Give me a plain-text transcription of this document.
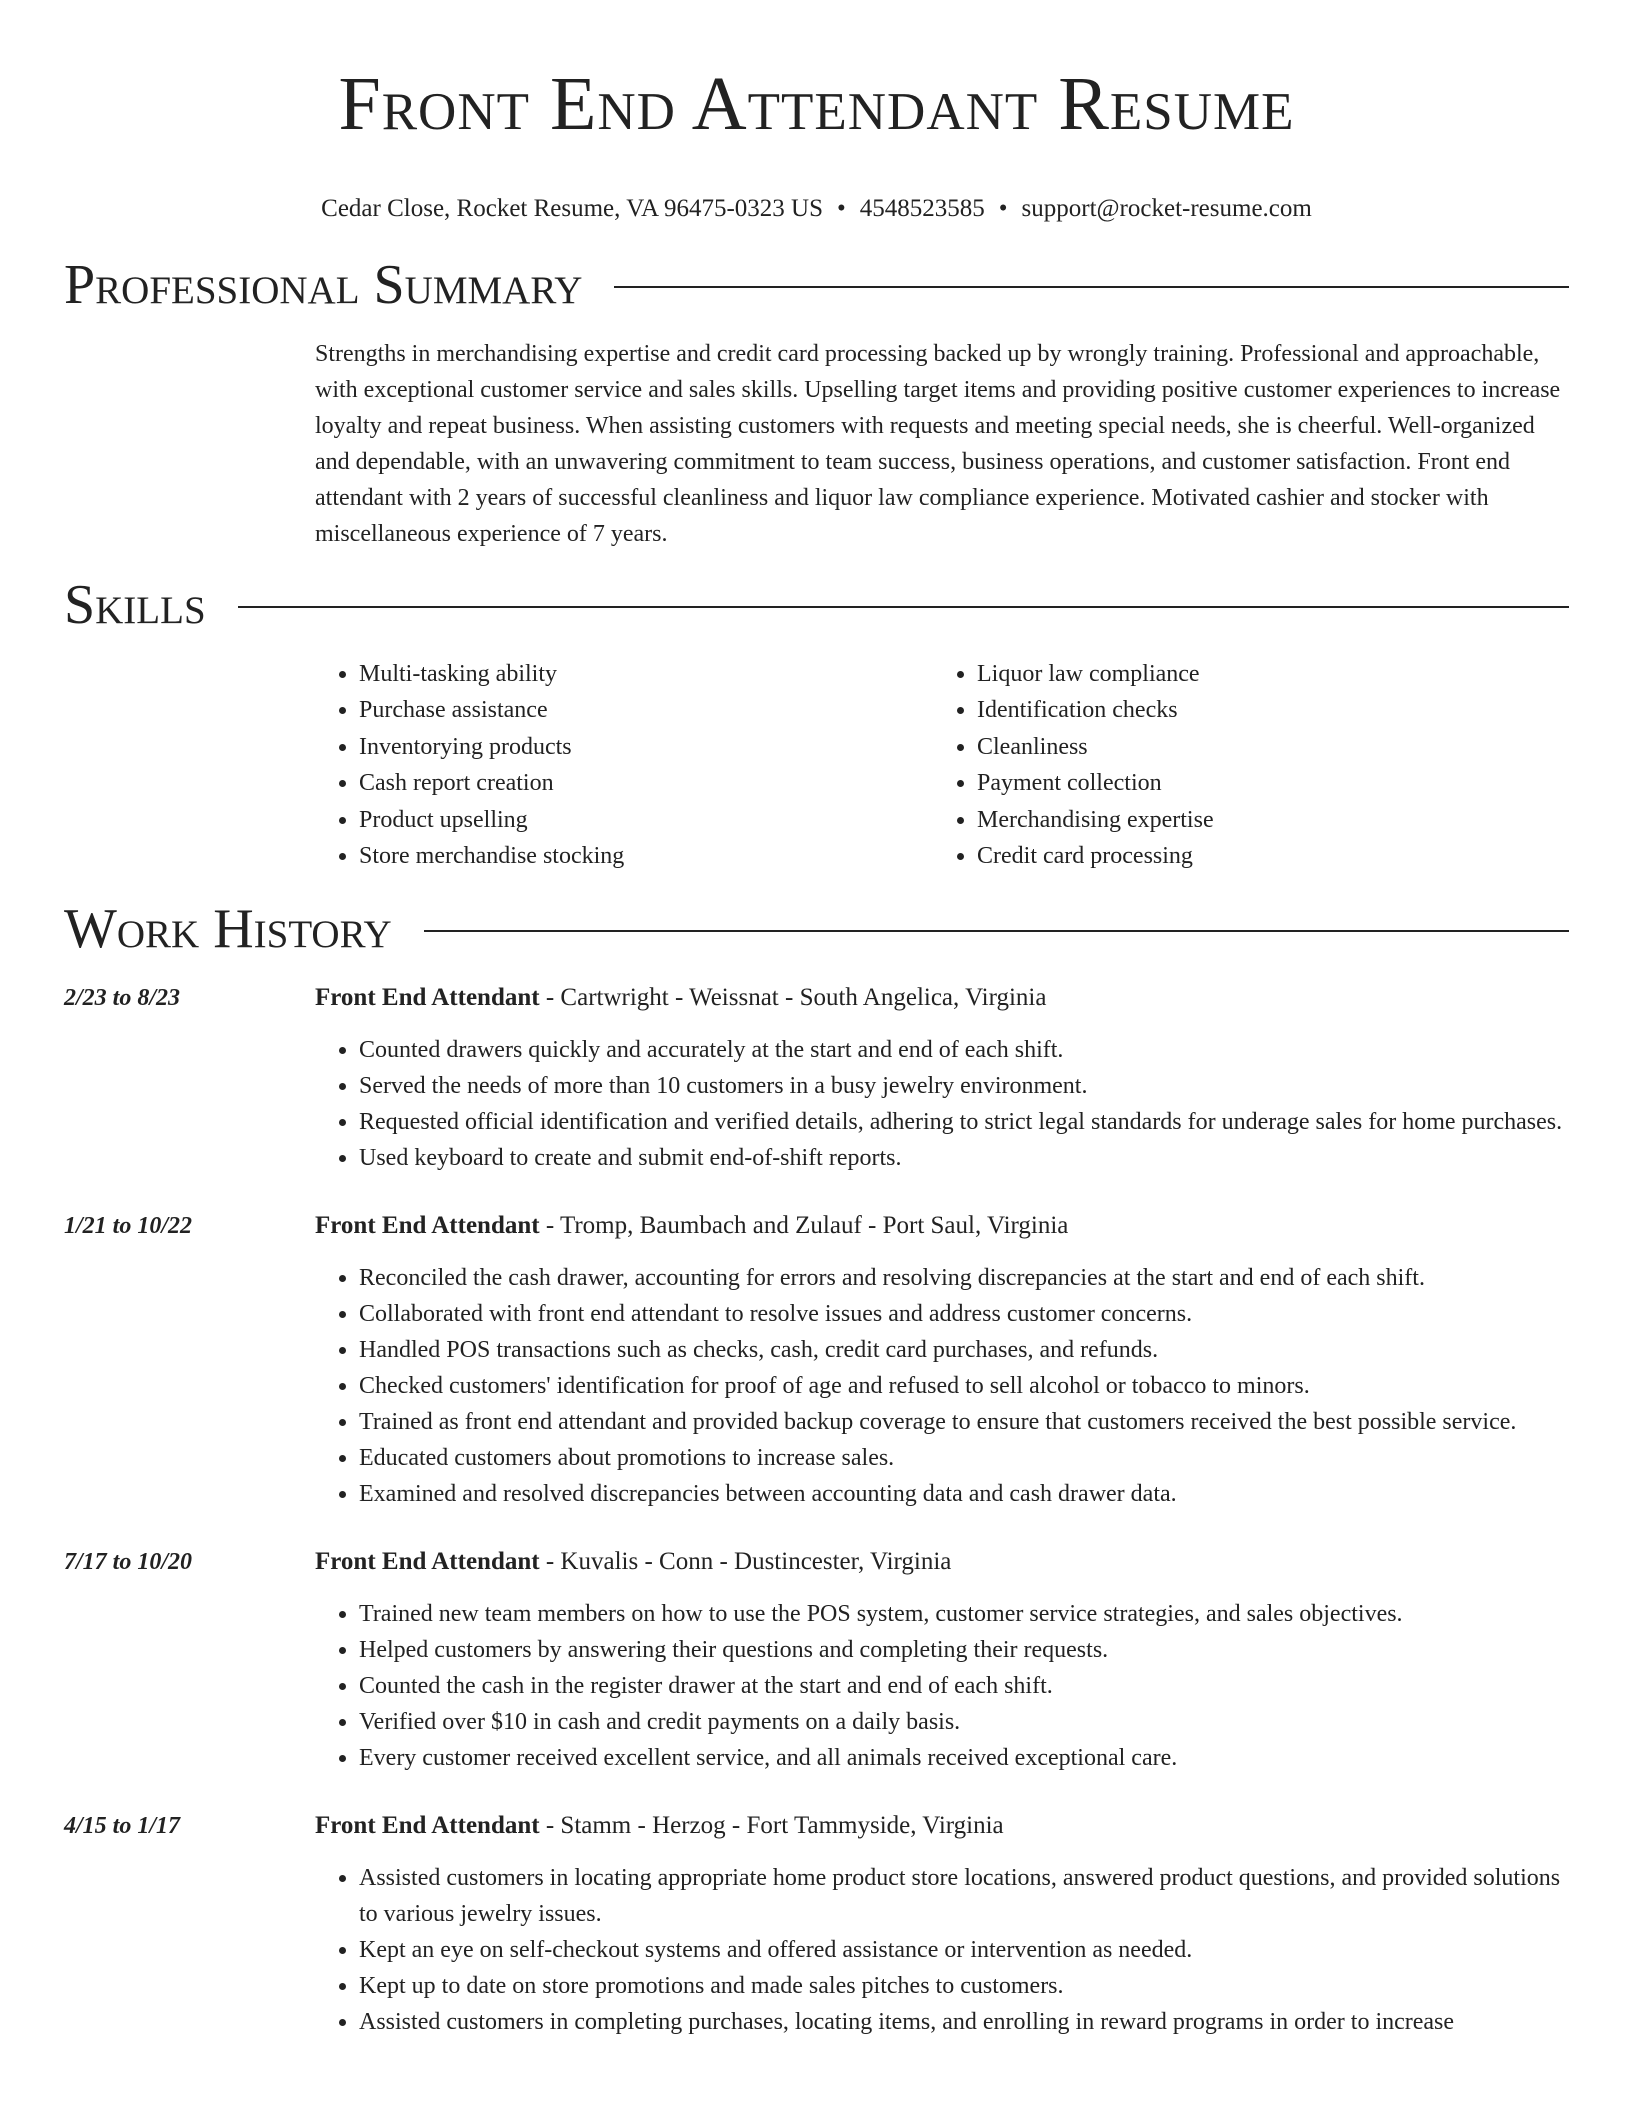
Front End Attendant Resume
Cedar Close, Rocket Resume, VA 96475-0323 US • 4548523585 • support@rocket-resume.com
Professional Summary
Strengths in merchandising expertise and credit card processing backed up by wrongly training. Professional and approachable, with exceptional customer service and sales skills. Upselling target items and providing positive customer experiences to increase loyalty and repeat business. When assisting customers with requests and meeting special needs, she is cheerful. Well-organized and dependable, with an unwavering commitment to team success, business operations, and customer satisfaction. Front end attendant with 2 years of successful cleanliness and liquor law compliance experience. Motivated cashier and stocker with miscellaneous experience of 7 years.
Skills
• Multi-tasking ability
• Purchase assistance
• Inventorying products
• Cash report creation
• Product upselling
• Store merchandise stocking
• Liquor law compliance
• Identification checks
• Cleanliness
• Payment collection
• Merchandising expertise
• Credit card processing
Work History
2/23 to 8/23	Front End Attendant - Cartwright - Weissnat - South Angelica, Virginia
• Counted drawers quickly and accurately at the start and end of each shift.
• Served the needs of more than 10 customers in a busy jewelry environment.
• Requested official identification and verified details, adhering to strict legal standards for underage sales for home purchases.
• Used keyboard to create and submit end-of-shift reports.
1/21 to 10/22	Front End Attendant - Tromp, Baumbach and Zulauf - Port Saul, Virginia
• Reconciled the cash drawer, accounting for errors and resolving discrepancies at the start and end of each shift.
• Collaborated with front end attendant to resolve issues and address customer concerns.
• Handled POS transactions such as checks, cash, credit card purchases, and refunds.
• Checked customers' identification for proof of age and refused to sell alcohol or tobacco to minors.
• Trained as front end attendant and provided backup coverage to ensure that customers received the best possible service.
• Educated customers about promotions to increase sales.
• Examined and resolved discrepancies between accounting data and cash drawer data.
7/17 to 10/20	Front End Attendant - Kuvalis - Conn - Dustincester, Virginia
• Trained new team members on how to use the POS system, customer service strategies, and sales objectives.
• Helped customers by answering their questions and completing their requests.
• Counted the cash in the register drawer at the start and end of each shift.
• Verified over $10 in cash and credit payments on a daily basis.
• Every customer received excellent service, and all animals received exceptional care.
4/15 to 1/17	Front End Attendant - Stamm - Herzog - Fort Tammyside, Virginia
• Assisted customers in locating appropriate home product store locations, answered product questions, and provided solutions to various jewelry issues.
• Kept an eye on self-checkout systems and offered assistance or intervention as needed.
• Kept up to date on store promotions and made sales pitches to customers.
• Assisted customers in completing purchases, locating items, and enrolling in reward programs in order to increase
